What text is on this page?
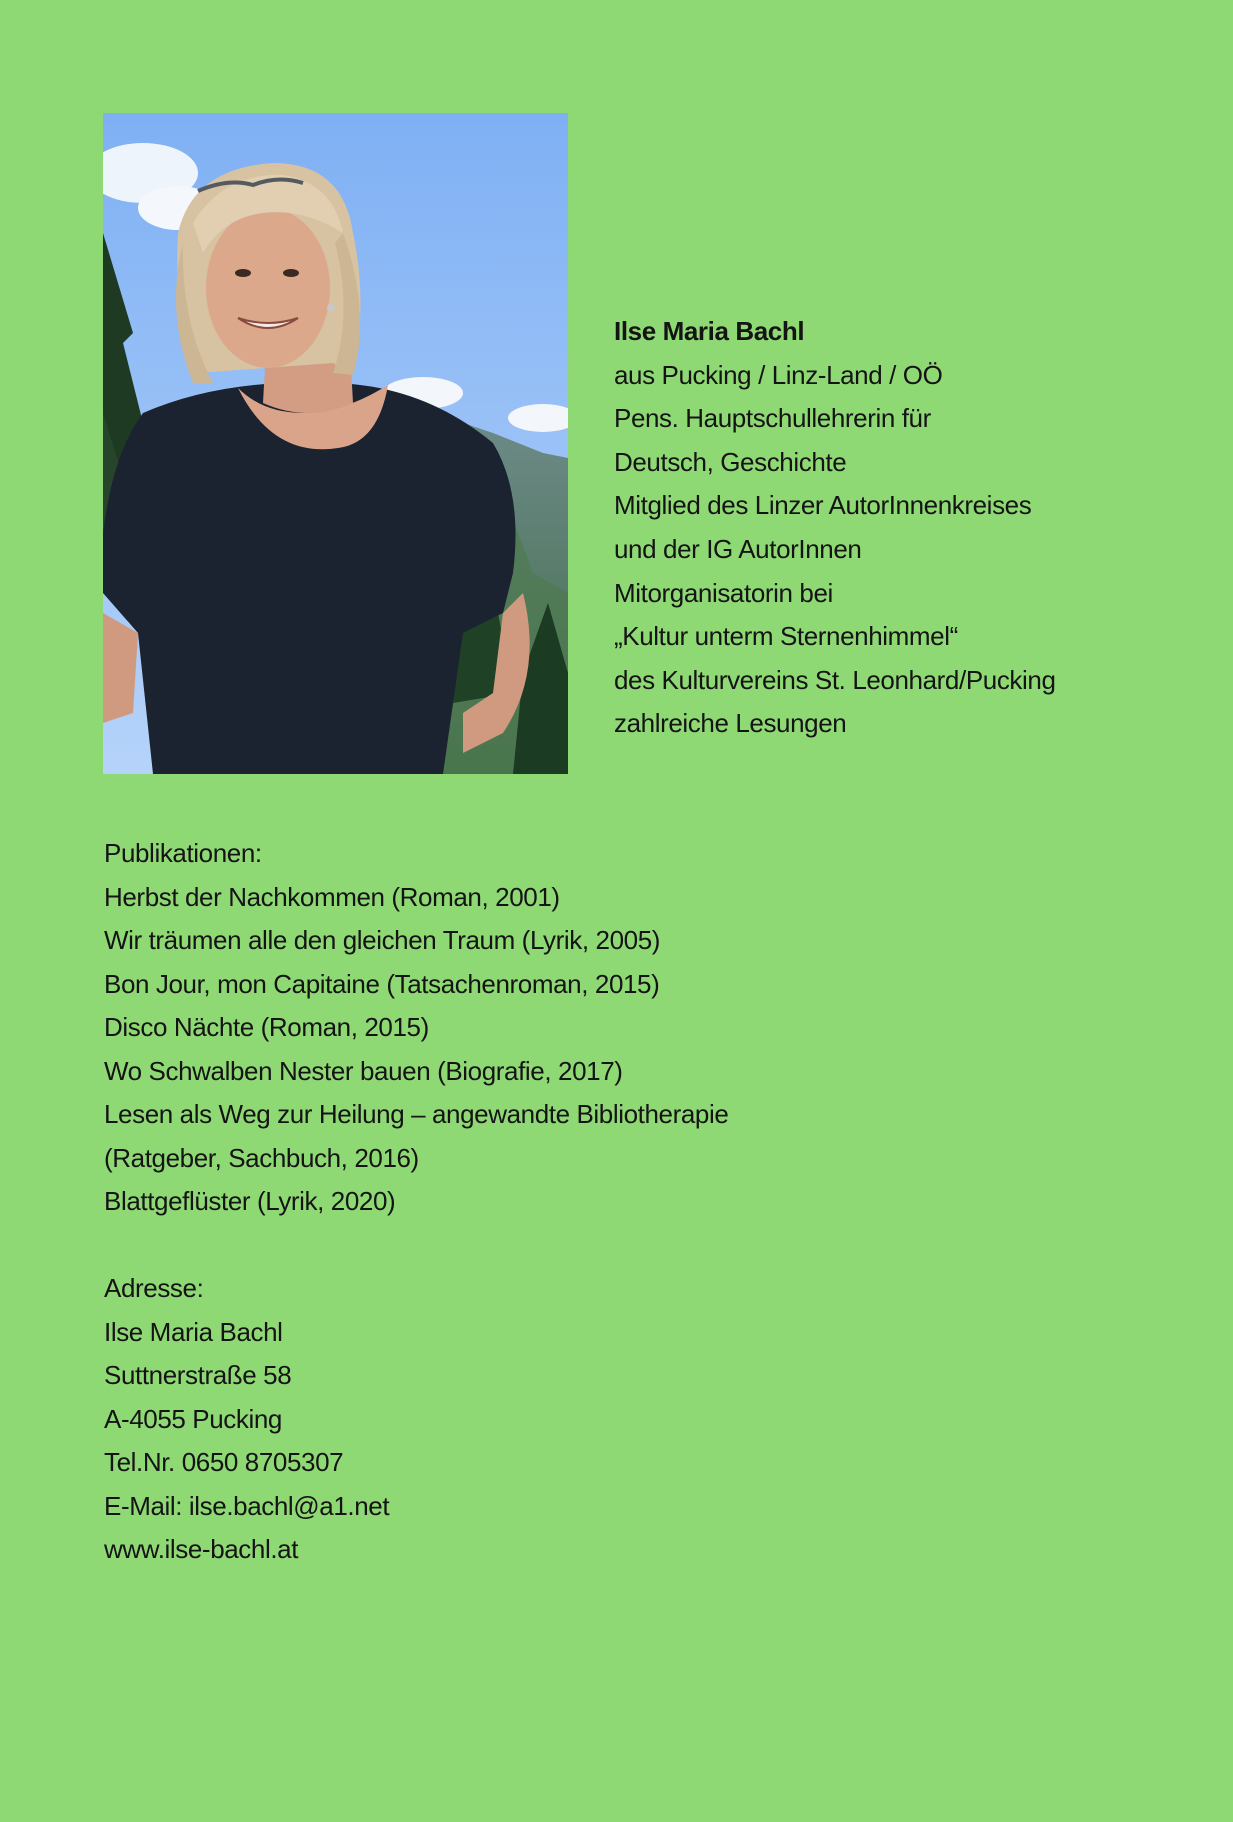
Ilse Maria Bachl
aus Pucking / Linz-Land / OÖ
Pens. Hauptschullehrerin für
Deutsch, Geschichte
Mitglied des Linzer AutorInnenkreises
und der IG AutorInnen
Mitorganisatorin bei
„Kultur unterm Sternenhimmel“
des Kulturvereins St. Leonhard/Pucking
zahlreiche Lesungen
Publikationen:
Herbst der Nachkommen (Roman, 2001)
Wir träumen alle den gleichen Traum (Lyrik, 2005)
Bon Jour, mon Capitaine (Tatsachenroman, 2015)
Disco Nächte (Roman, 2015)
Wo Schwalben Nester bauen (Biografie, 2017)
Lesen als Weg zur Heilung – angewandte Bibliotherapie
(Ratgeber, Sachbuch, 2016)
Blattgeflüster (Lyrik, 2020)
Adresse:
Ilse Maria Bachl
Suttnerstraße 58
A-4055 Pucking
Tel.Nr. 0650 8705307
E-Mail: ilse.bachl@a1.net
www.ilse-bachl.at
